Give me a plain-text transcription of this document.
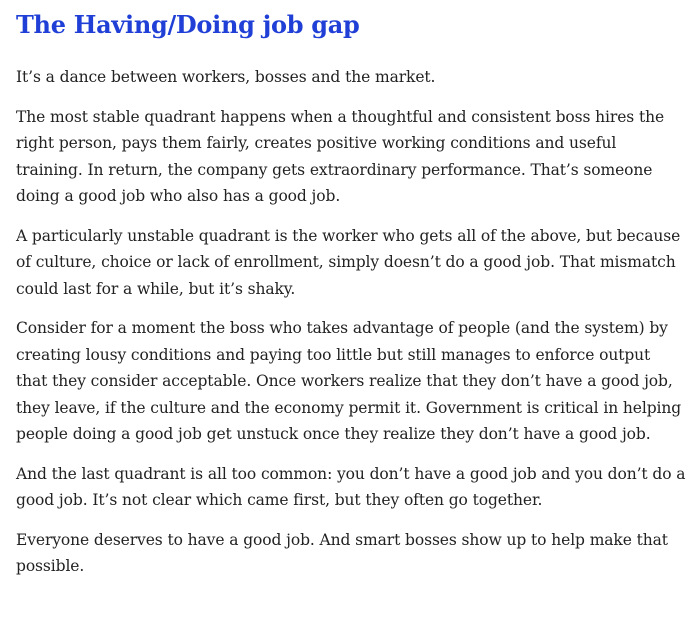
The Having/Doing job gap

It’s a dance between workers, bosses and the market.

The most stable quadrant happens when a thoughtful and consistent boss hires the right person, pays them fairly, creates positive working conditions and useful training. In return, the company gets extraordinary performance. That’s someone doing a good job who also has a good job.

A particularly unstable quadrant is the worker who gets all of the above, but because of culture, choice or lack of enrollment, simply doesn’t do a good job. That mismatch could last for a while, but it’s shaky.

Consider for a moment the boss who takes advantage of people (and the system) by creating lousy conditions and paying too little but still manages to enforce output that they consider acceptable. Once workers realize that they don’t have a good job, they leave, if the culture and the economy permit it. Government is critical in helping people doing a good job get unstuck once they realize they don’t have a good job.

And the last quadrant is all too common: you don’t have a good job and you don’t do a good job. It’s not clear which came first, but they often go together.

Everyone deserves to have a good job. And smart bosses show up to help make that possible.
